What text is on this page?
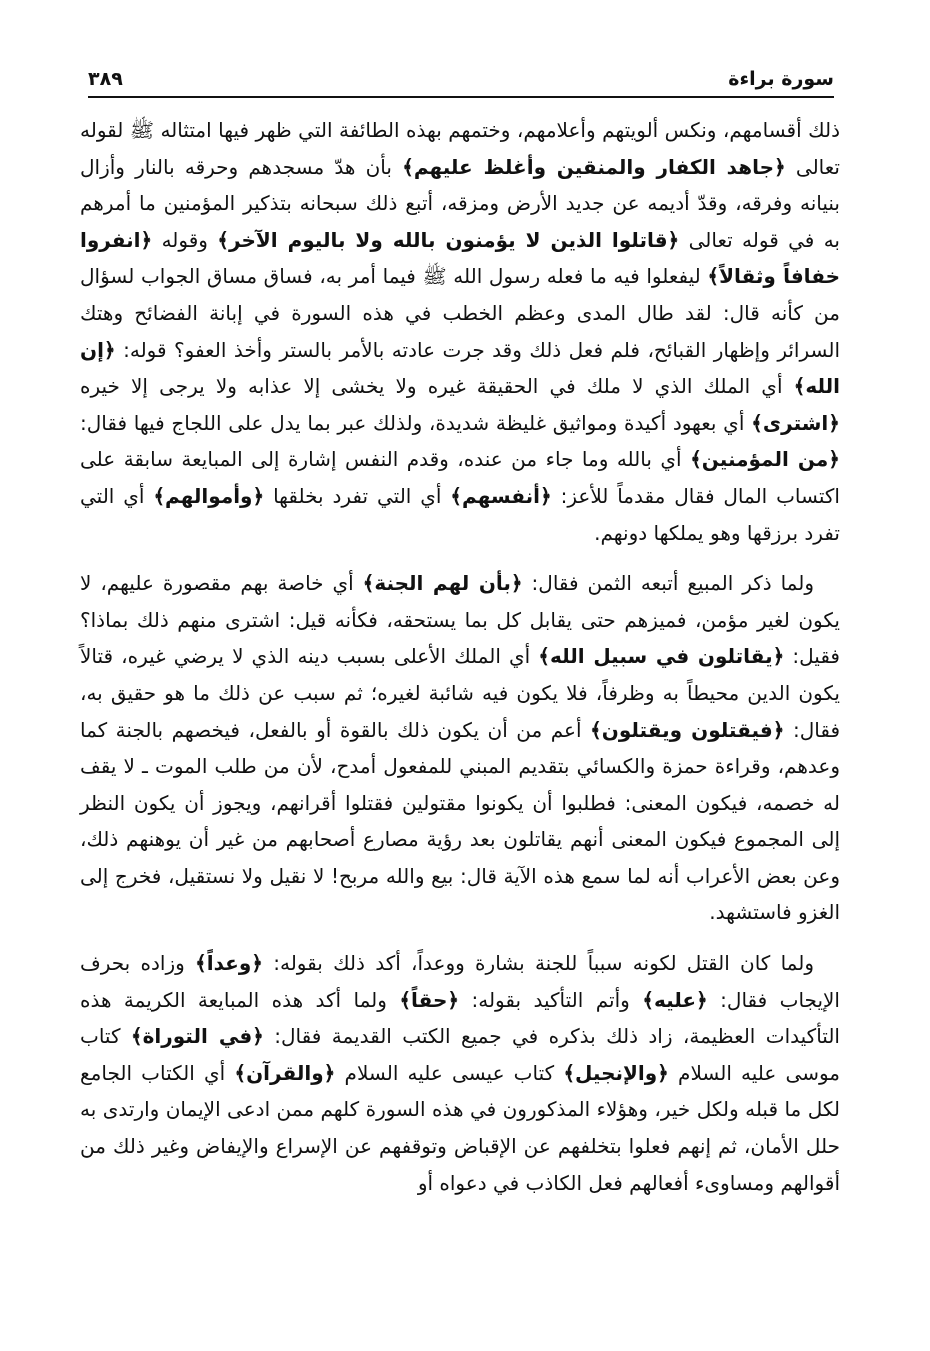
سورة براءة
٣٨٩

ذلك أقسامهم، ونكس ألويتهم وأعلامهم، وختمهم بهذه الطائفة التي ظهر فيها امتثاله ﷺ لقوله تعالى ﴿جاهد الكفار والمنقين وأغلظ عليهم﴾ بأن هدّ مسجدهم وحرقه بالنار وأزال بنيانه وفرقه، وقدّ أديمه عن جديد الأرض ومزقه، أتبع ذلك سبحانه بتذكير المؤمنين ما أمرهم به في قوله تعالى ﴿قاتلوا الذين لا يؤمنون بالله ولا باليوم الآخر﴾ وقوله ﴿انفروا خفافاً وثقالاً﴾ ليفعلوا فيه ما فعله رسول الله ﷺ فيما أمر به، فساق مساق الجواب لسؤال من كأنه قال: لقد طال المدى وعظم الخطب في هذه السورة في إبانة الفضائح وهتك السرائر وإظهار القبائح، فلم فعل ذلك وقد جرت عادته بالأمر بالستر وأخذ العفو؟ قوله: ﴿إن الله﴾ أي الملك الذي لا ملك في الحقيقة غيره ولا يخشى إلا عذابه ولا يرجى إلا خيره ﴿اشترى﴾ أي بعهود أكيدة ومواثيق غليظة شديدة، ولذلك عبر بما يدل على اللجاج فيها فقال: ﴿من المؤمنين﴾ أي بالله وما جاء من عنده، وقدم النفس إشارة إلى المبايعة سابقة على اكتساب المال فقال مقدماً للأعز: ﴿أنفسهم﴾ أي التي تفرد بخلقها ﴿وأموالهم﴾ أي التي تفرد برزقها وهو يملكها دونهم.

ولما ذكر المبيع أتبعه الثمن فقال: ﴿بأن لهم الجنة﴾ أي خاصة بهم مقصورة عليهم، لا يكون لغير مؤمن، فميزهم حتى يقابل كل بما يستحقه، فكأنه قيل: اشترى منهم ذلك بماذا؟ فقيل: ﴿يقاتلون في سبيل الله﴾ أي الملك الأعلى بسبب دينه الذي لا يرضي غيره، قتالاً يكون الدين محيطاً به وظرفاً، فلا يكون فيه شائبة لغيره؛ ثم سبب عن ذلك ما هو حقيق به، فقال: ﴿فيقتلون ويقتلون﴾ أعم من أن يكون ذلك بالقوة أو بالفعل، فيخصهم بالجنة كما وعدهم، وقراءة حمزة والكسائي بتقديم المبني للمفعول أمدح، لأن من طلب الموت ـ لا يقف له خصمه، فيكون المعنى: فطلبوا أن يكونوا مقتولين فقتلوا أقرانهم، ويجوز أن يكون النظر إلى المجموع فيكون المعنى أنهم يقاتلون بعد رؤية مصارع أصحابهم من غير أن يوهنهم ذلك، وعن بعض الأعراب أنه لما سمع هذه الآية قال: بيع والله مربح! لا نقيل ولا نستقيل، فخرج إلى الغزو فاستشهد.

ولما كان القتل لكونه سبباً للجنة بشارة ووعداً، أكد ذلك بقوله: ﴿وعداً﴾ وزاده بحرف الإيجاب فقال: ﴿عليه﴾ وأتم التأكيد بقوله: ﴿حقاً﴾ ولما أكد هذه المبايعة الكريمة هذه التأكيدات العظيمة، زاد ذلك بذكره في جميع الكتب القديمة فقال: ﴿في التوراة﴾ كتاب موسى عليه السلام ﴿والإنجيل﴾ كتاب عيسى عليه السلام ﴿والقرآن﴾ أي الكتاب الجامع لكل ما قبله ولكل خير، وهؤلاء المذكورون في هذه السورة كلهم ممن ادعى الإيمان وارتدى به حلل الأمان، ثم إنهم فعلوا بتخلفهم عن الإقباض وتوقفهم عن الإسراع والإيفاض وغير ذلك من أقوالهم ومساوىء أفعالهم فعل الكاذب في دعواه أو
